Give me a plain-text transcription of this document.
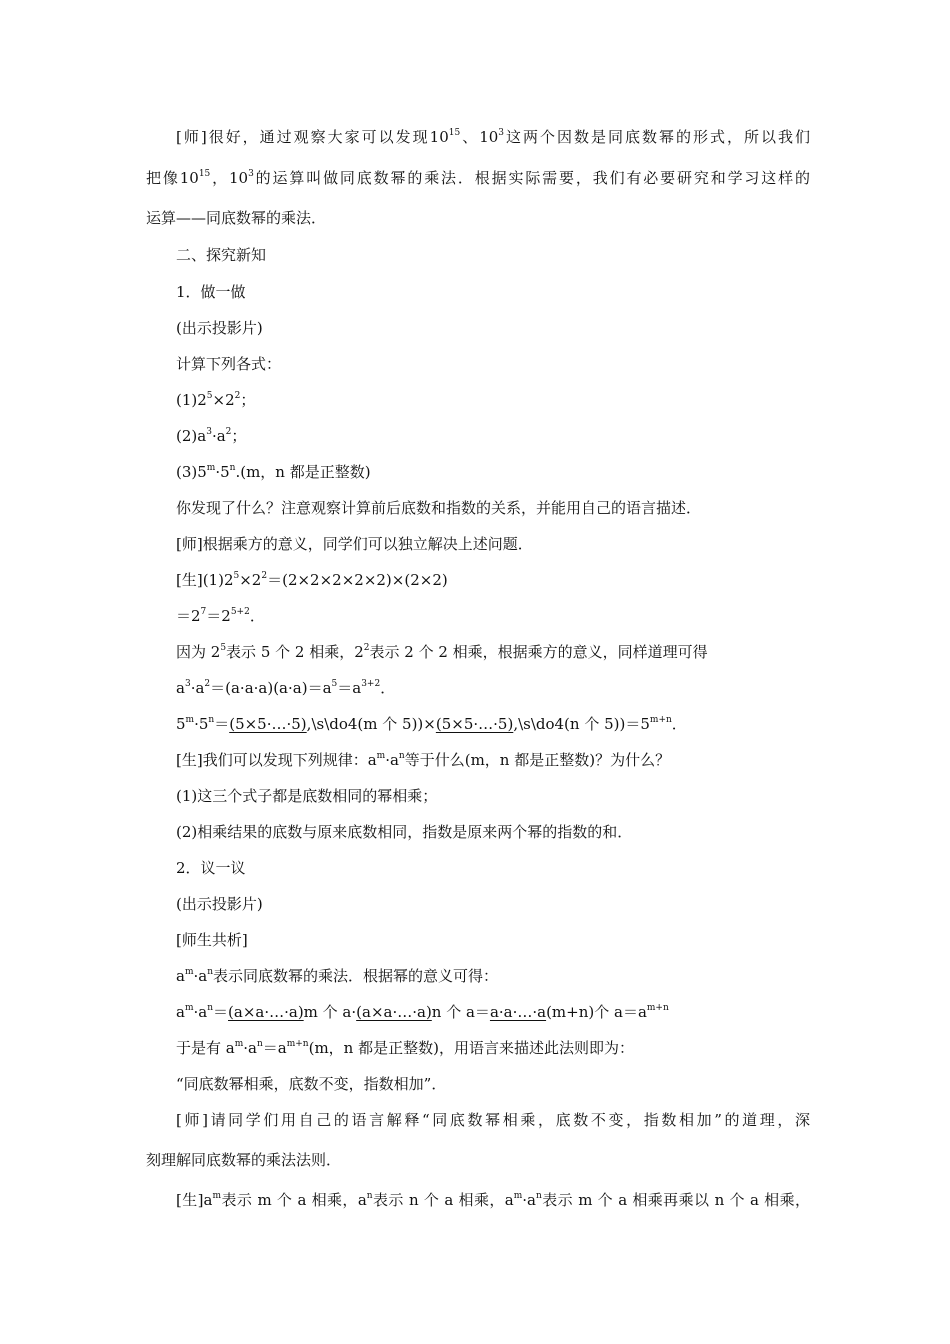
[师]很好，通过观察大家可以发现$10^{15}$、$10^3$这两个因数是同底数幂的形式，所以我们
把像$10^{15}$，$10^3$的运算叫做同底数幂的乘法．根据实际需要，我们有必要研究和学习这样的
运算——同底数幂的乘法．
二、探究新知
1．做一做
(出示投影片)
计算下列各式：
$(1)2^5\times 2^2$；
$(2)a^3\cdot a^2$；
$(3)5^m\cdot 5^n.(m$，n 都是正整数)
你发现了什么？注意观察计算前后底数和指数的关系，并能用自己的语言描述．
[师]根据乘方的意义，同学们可以独立解决上述问题．
[生]$(1)2^5\times 2^2=(2\times 2\times 2\times 2\times 2)\times(2\times 2)$
$=2^7=2^{5+2}$．
因为 $2^5$表示 5 个 2 相乘，$2^2$表示 2 个 2 相乘，根据乘方的意义，同样道理可得
$a^3\cdot a^2=(a\cdot a\cdot a)(a\cdot a)=a^5=a^{3+2}$．
$5^m\cdot 5^n=(5\times 5\cdot\dots\cdot 5),\backslash s\backslash do4(m$ 个 5))×(5×5·…·5),\s\do4(n 个 $5))=5^{m+n}$．
[生]我们可以发现下列规律：$a^m\cdot a^n$等于什么(m，n 都是正整数)？为什么？
(1)这三个式子都是底数相同的幂相乘；
(2)相乘结果的底数与原来底数相同，指数是原来两个幂的指数的和．
2．议一议
(出示投影片)
[师生共析]
$a^m\cdot a^n$表示同底数幂的乘法．根据幂的意义可得：
$a^m\cdot a^n=(a\times a\cdot\dots\cdot a)m$ 个 a·(a×a·…·a)n 个 a＝a·a·…·a(m+n)个 $a=a^{m+n}$
于是有 $a^m\cdot a^n=a^{m+n}(m$，n 都是正整数)，用语言来描述此法则即为：
“同底数幂相乘，底数不变，指数相加”．
[师]请同学们用自己的语言解释“同底数幂相乘，底数不变，指数相加”的道理，深
刻理解同底数幂的乘法法则．
[生]$a^m$表示 m 个 a 相乘，$a^n$表示 n 个 a 相乘，$a^m\cdot a^n$表示 m 个 a 相乘再乘以 n 个 a 相乘，
